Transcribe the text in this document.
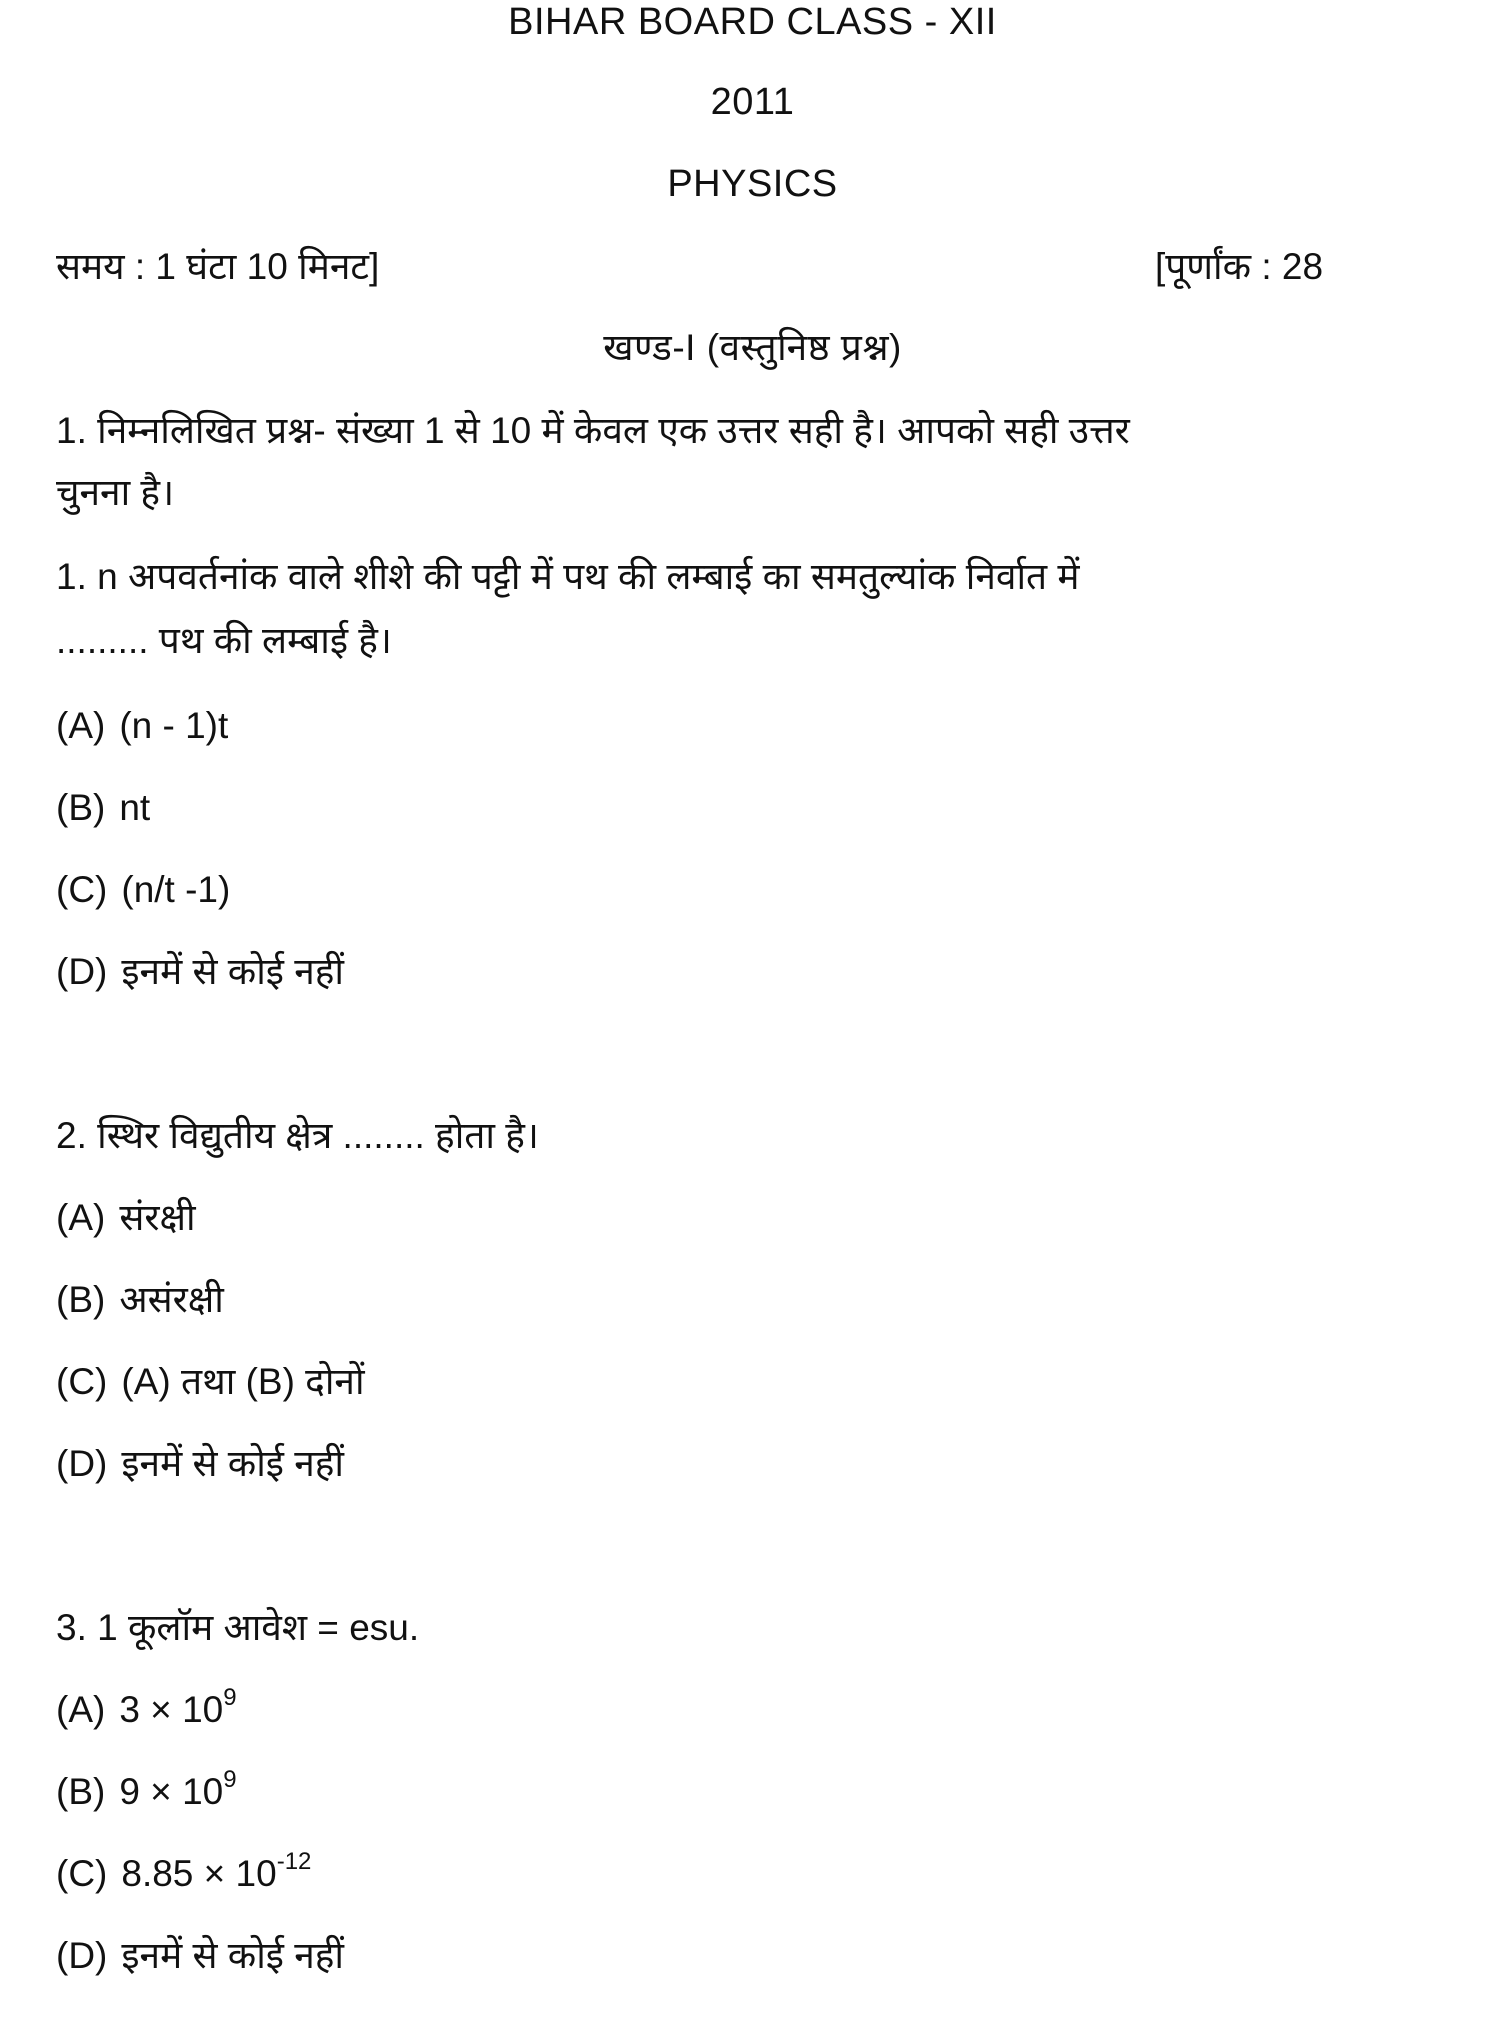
BIHAR BOARD CLASS - XII
2011
PHYSICS
समय : 1 घंटा 10 मिनट]	[पूर्णांक : 28
खण्ड-I (वस्तुनिष्ठ प्रश्न)
1. निम्नलिखित प्रश्न- संख्या 1 से 10 में केवल एक उत्तर सही है। आपको सही उत्तर
चुनना है।
1. n अपवर्तनांक वाले शीशे की पट्टी में पथ की लम्बाई का समतुल्यांक निर्वात में
......... पथ की लम्बाई है।
(A) (n - 1)t
(B) nt
(C) (n/t -1)
(D) इनमें से कोई नहीं
2. स्थिर विद्युतीय क्षेत्र ........ होता है।
(A) संरक्षी
(B) असंरक्षी
(C) (A) तथा (B) दोनों
(D) इनमें से कोई नहीं
3. 1 कूलॉम आवेश = esu.
(A) $3 \times 10^9$
(B) $9 \times 10^9$
(C) $8.85 \times 10^{-12}$
(D) इनमें से कोई नहीं
